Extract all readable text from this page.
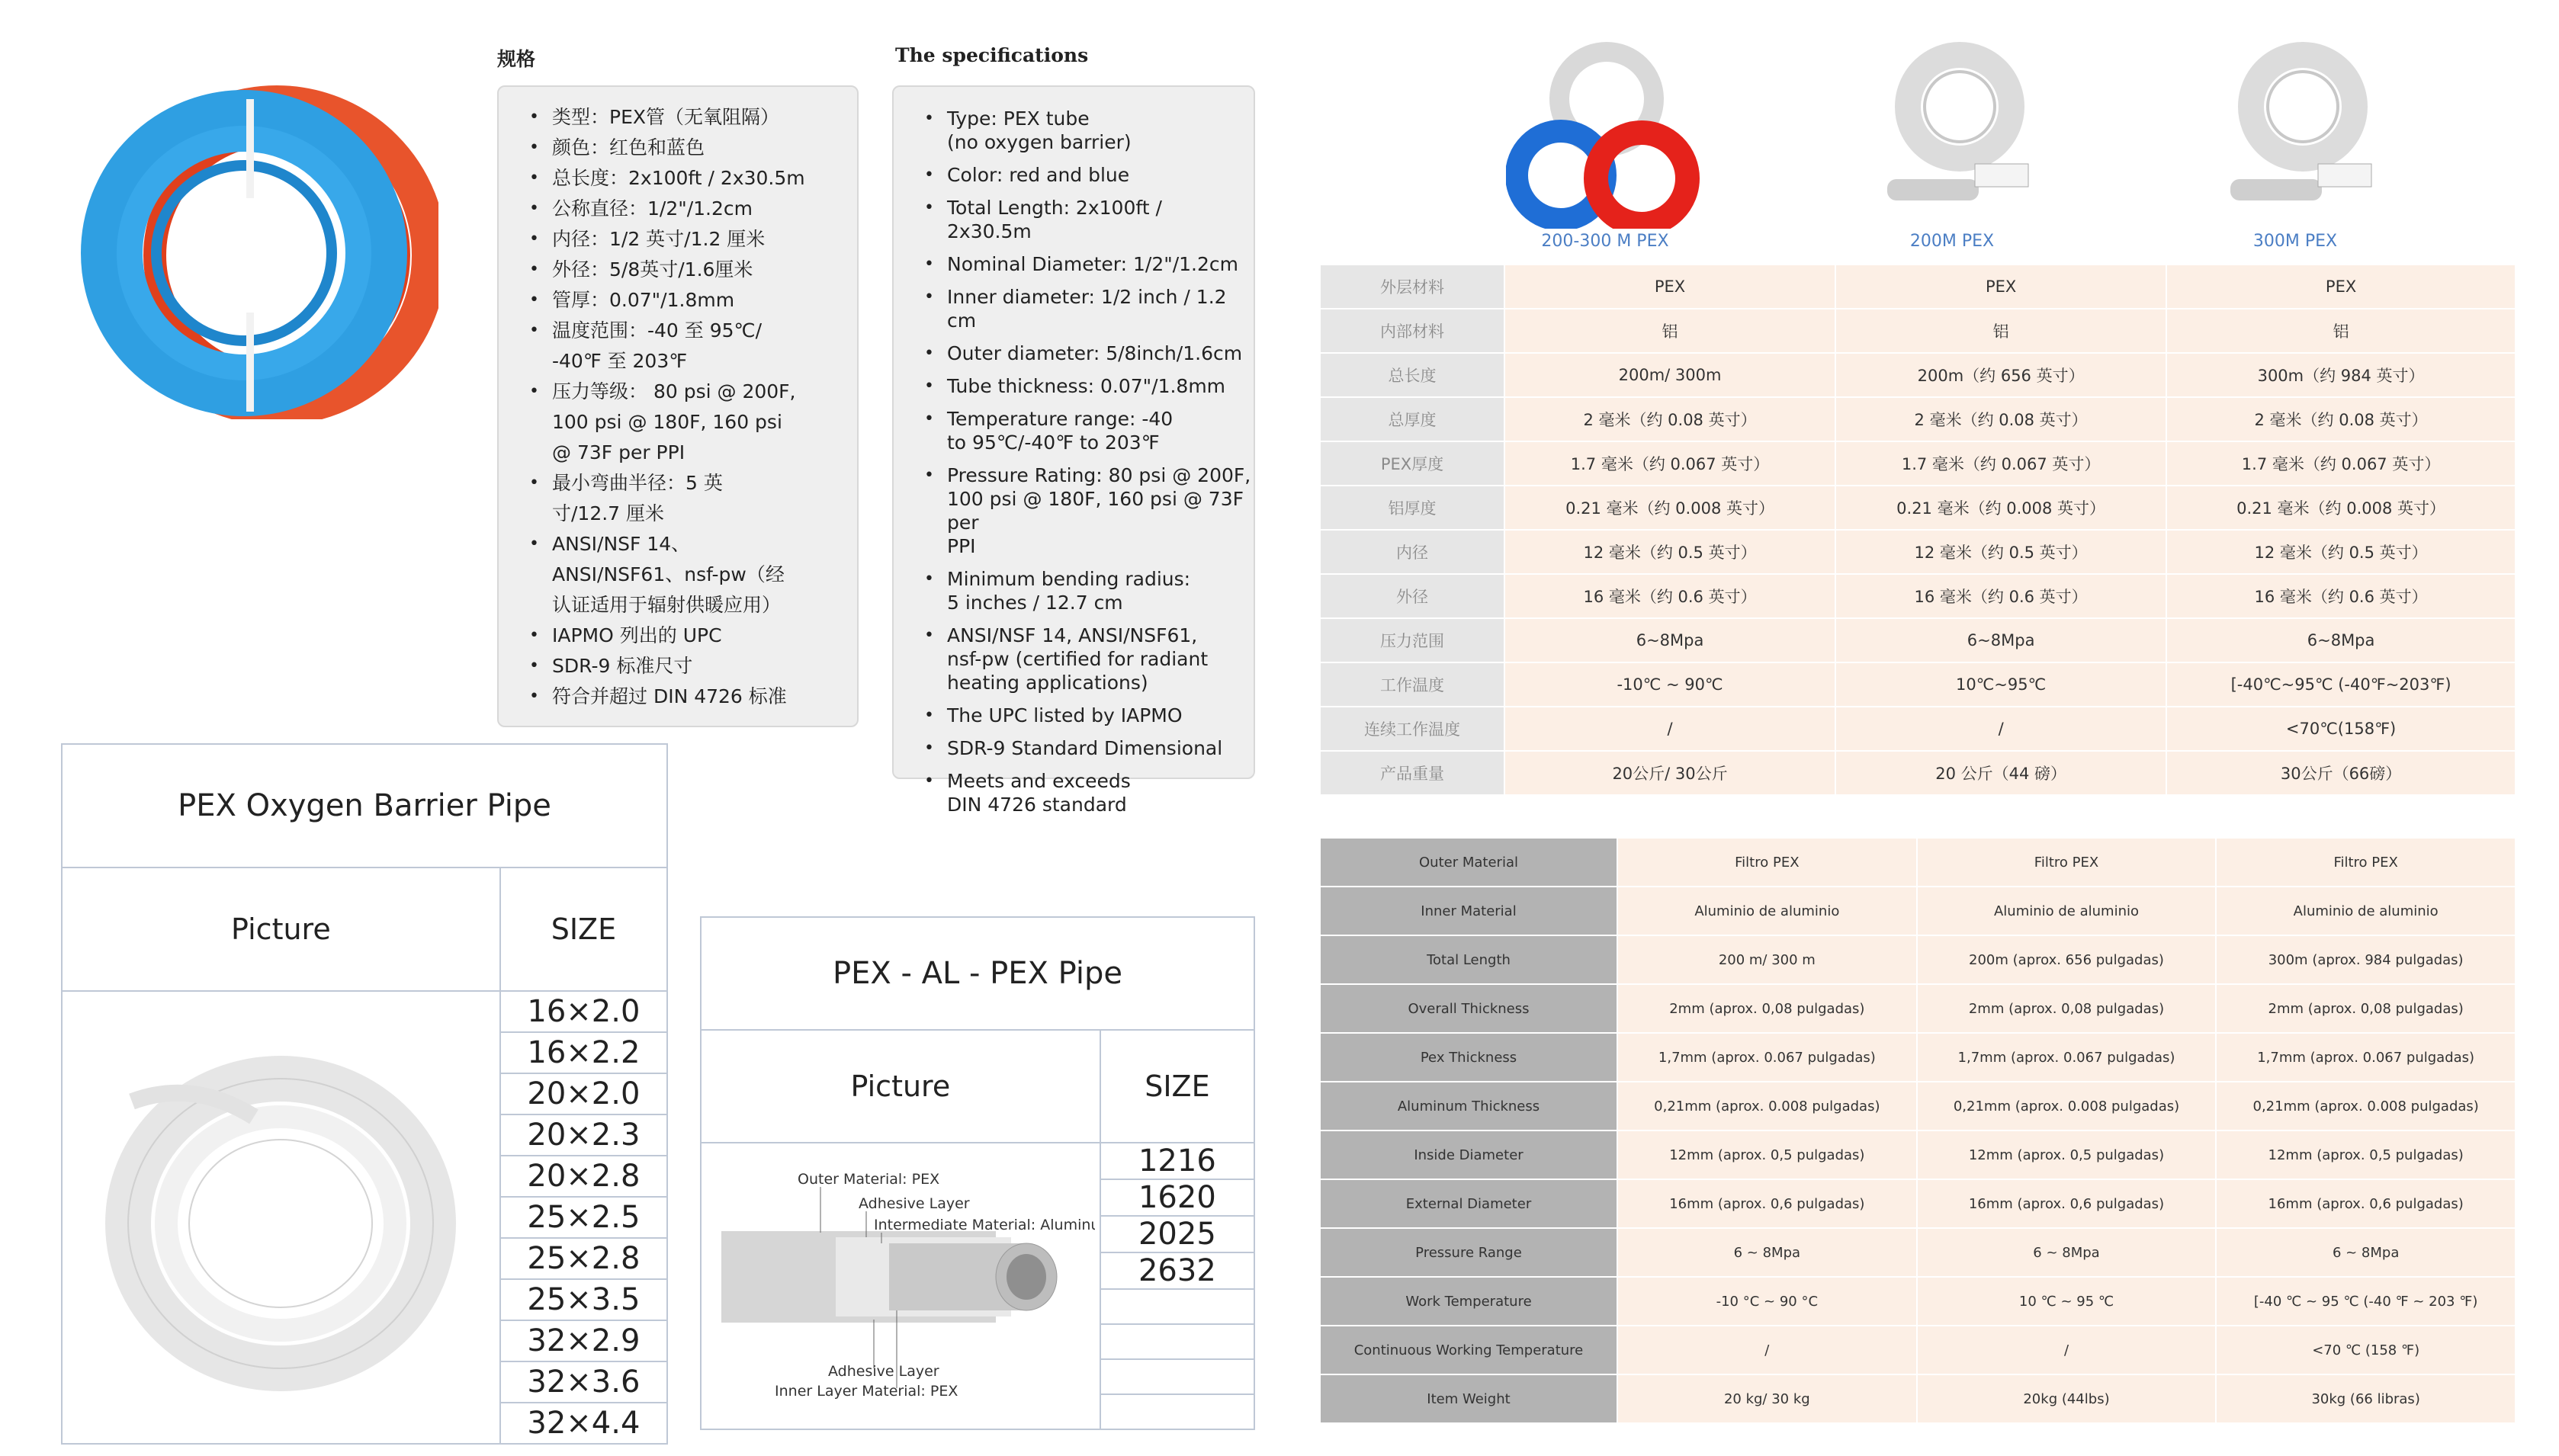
规格
• 类型：PEX管（无氧阻隔）
• 颜色：红色和蓝色
• 总长度：2x100ft / 2x30.5m
• 公称直径：1/2"/1.2cm
• 内径：1/2 英寸/1.2 厘米
• 外径：5/8英寸/1.6厘米
• 管厚：0.07"/1.8mm
• 温度范围：-40 至 95℃/
-40℉ 至 203℉
• 压力等级： 80 psi @ 200F,
100 psi @ 180F, 160 psi
@ 73F per PPI
• 最小弯曲半径：5 英
寸/12.7 厘米
• ANSI/NSF 14、
ANSI/NSF61、nsf-pw（经
认证适用于辐射供暖应用）
• IAPMO 列出的 UPC
• SDR-9 标准尺寸
• 符合并超过 DIN 4726 标准
The specifications
• Type: PEX tube
(no oxygen barrier)
• Color: red and blue
• Total Length: 2x100ft /
2x30.5m
• Nominal Diameter: 1/2"/1.2cm
• Inner diameter: 1/2 inch / 1.2 cm
• Outer diameter: 5/8inch/1.6cm
• Tube thickness: 0.07"/1.8mm
• Temperature range: -40
to 95℃/-40℉ to 203℉
• Pressure Rating: 80 psi @ 200F,
100 psi @ 180F, 160 psi @ 73F per
PPI
• Minimum bending radius:
5 inches / 12.7 cm
• ANSI/NSF 14, ANSI/NSF61,
nsf-pw (certified for radiant
heating applications)
• The UPC listed by IAPMO
• SDR-9 Standard Dimensional
• Meets and exceeds
DIN 4726 standard
PEX Oxygen Barrier Pipe	
Picture	SIZE
	16×2.0
	16×2.2
	20×2.0
	20×2.3
	20×2.8
	25×2.5
	25×2.8
	25×3.5
	32×2.9
	32×3.6
	32×4.4
PEX - AL - PEX Pipe	
Picture	SIZE

Outer Material: PEX
Adhesive Layer
Intermediate Material: Aluminum
Adhesive Layer
Inner Layer Material: PEX	1216
	1620
	2025
	2632

200-300 M PEX	200M PEX	300M PEX
外层材料	PEX	PEX	PEX
内部材料	铝	铝	铝
总长度	200m/ 300m	200m（约 656 英寸）	300m（约 984 英寸）
总厚度	2 毫米（约 0.08 英寸）	2 毫米（约 0.08 英寸）	2 毫米（约 0.08 英寸）
PEX厚度	1.7 毫米（约 0.067 英寸）	1.7 毫米（约 0.067 英寸）	1.7 毫米（约 0.067 英寸）
铝厚度	0.21 毫米（约 0.008 英寸）	0.21 毫米（约 0.008 英寸）	0.21 毫米（约 0.008 英寸）
内径	12 毫米（约 0.5 英寸）	12 毫米（约 0.5 英寸）	12 毫米（约 0.5 英寸）
外径	16 毫米（约 0.6 英寸）	16 毫米（约 0.6 英寸）	16 毫米（约 0.6 英寸）
压力范围	6~8Mpa	6~8Mpa	6~8Mpa
工作温度	-10℃ ~ 90℃	10℃~95℃	[-40℃~95℃ (-40℉~203℉)
连续工作温度	/	/	<70℃(158℉)
产品重量	20公斤/ 30公斤	20 公斤（44 磅）	30公斤（66磅）
Outer Material	Filtro PEX	Filtro PEX	Filtro PEX
Inner Material	Aluminio de aluminio	Aluminio de aluminio	Aluminio de aluminio
Total Length	200 m/ 300 m	200m (aprox. 656 pulgadas)	300m (aprox. 984 pulgadas)
Overall Thickness	2mm (aprox. 0,08 pulgadas)	2mm (aprox. 0,08 pulgadas)	2mm (aprox. 0,08 pulgadas)
Pex Thickness	1,7mm (aprox. 0.067 pulgadas)	1,7mm (aprox. 0.067 pulgadas)	1,7mm (aprox. 0.067 pulgadas)
Aluminum Thickness	0,21mm (aprox. 0.008 pulgadas)	0,21mm (aprox. 0.008 pulgadas)	0,21mm (aprox. 0.008 pulgadas)
Inside Diameter	12mm (aprox. 0,5 pulgadas)	12mm (aprox. 0,5 pulgadas)	12mm (aprox. 0,5 pulgadas)
External Diameter	16mm (aprox. 0,6 pulgadas)	16mm (aprox. 0,6 pulgadas)	16mm (aprox. 0,6 pulgadas)
Pressure Range	6 ~ 8Mpa	6 ~ 8Mpa	6 ~ 8Mpa
Work Temperature	-10 °C ~ 90 °C	10 ℃ ~ 95 ℃	[-40 ℃ ~ 95 ℃ (-40 ℉ ~ 203 ℉)
Continuous Working Temperature	/	/	<70 ℃ (158 ℉)
Item Weight	20 kg/ 30 kg	20kg (44lbs)	30kg (66 libras)
